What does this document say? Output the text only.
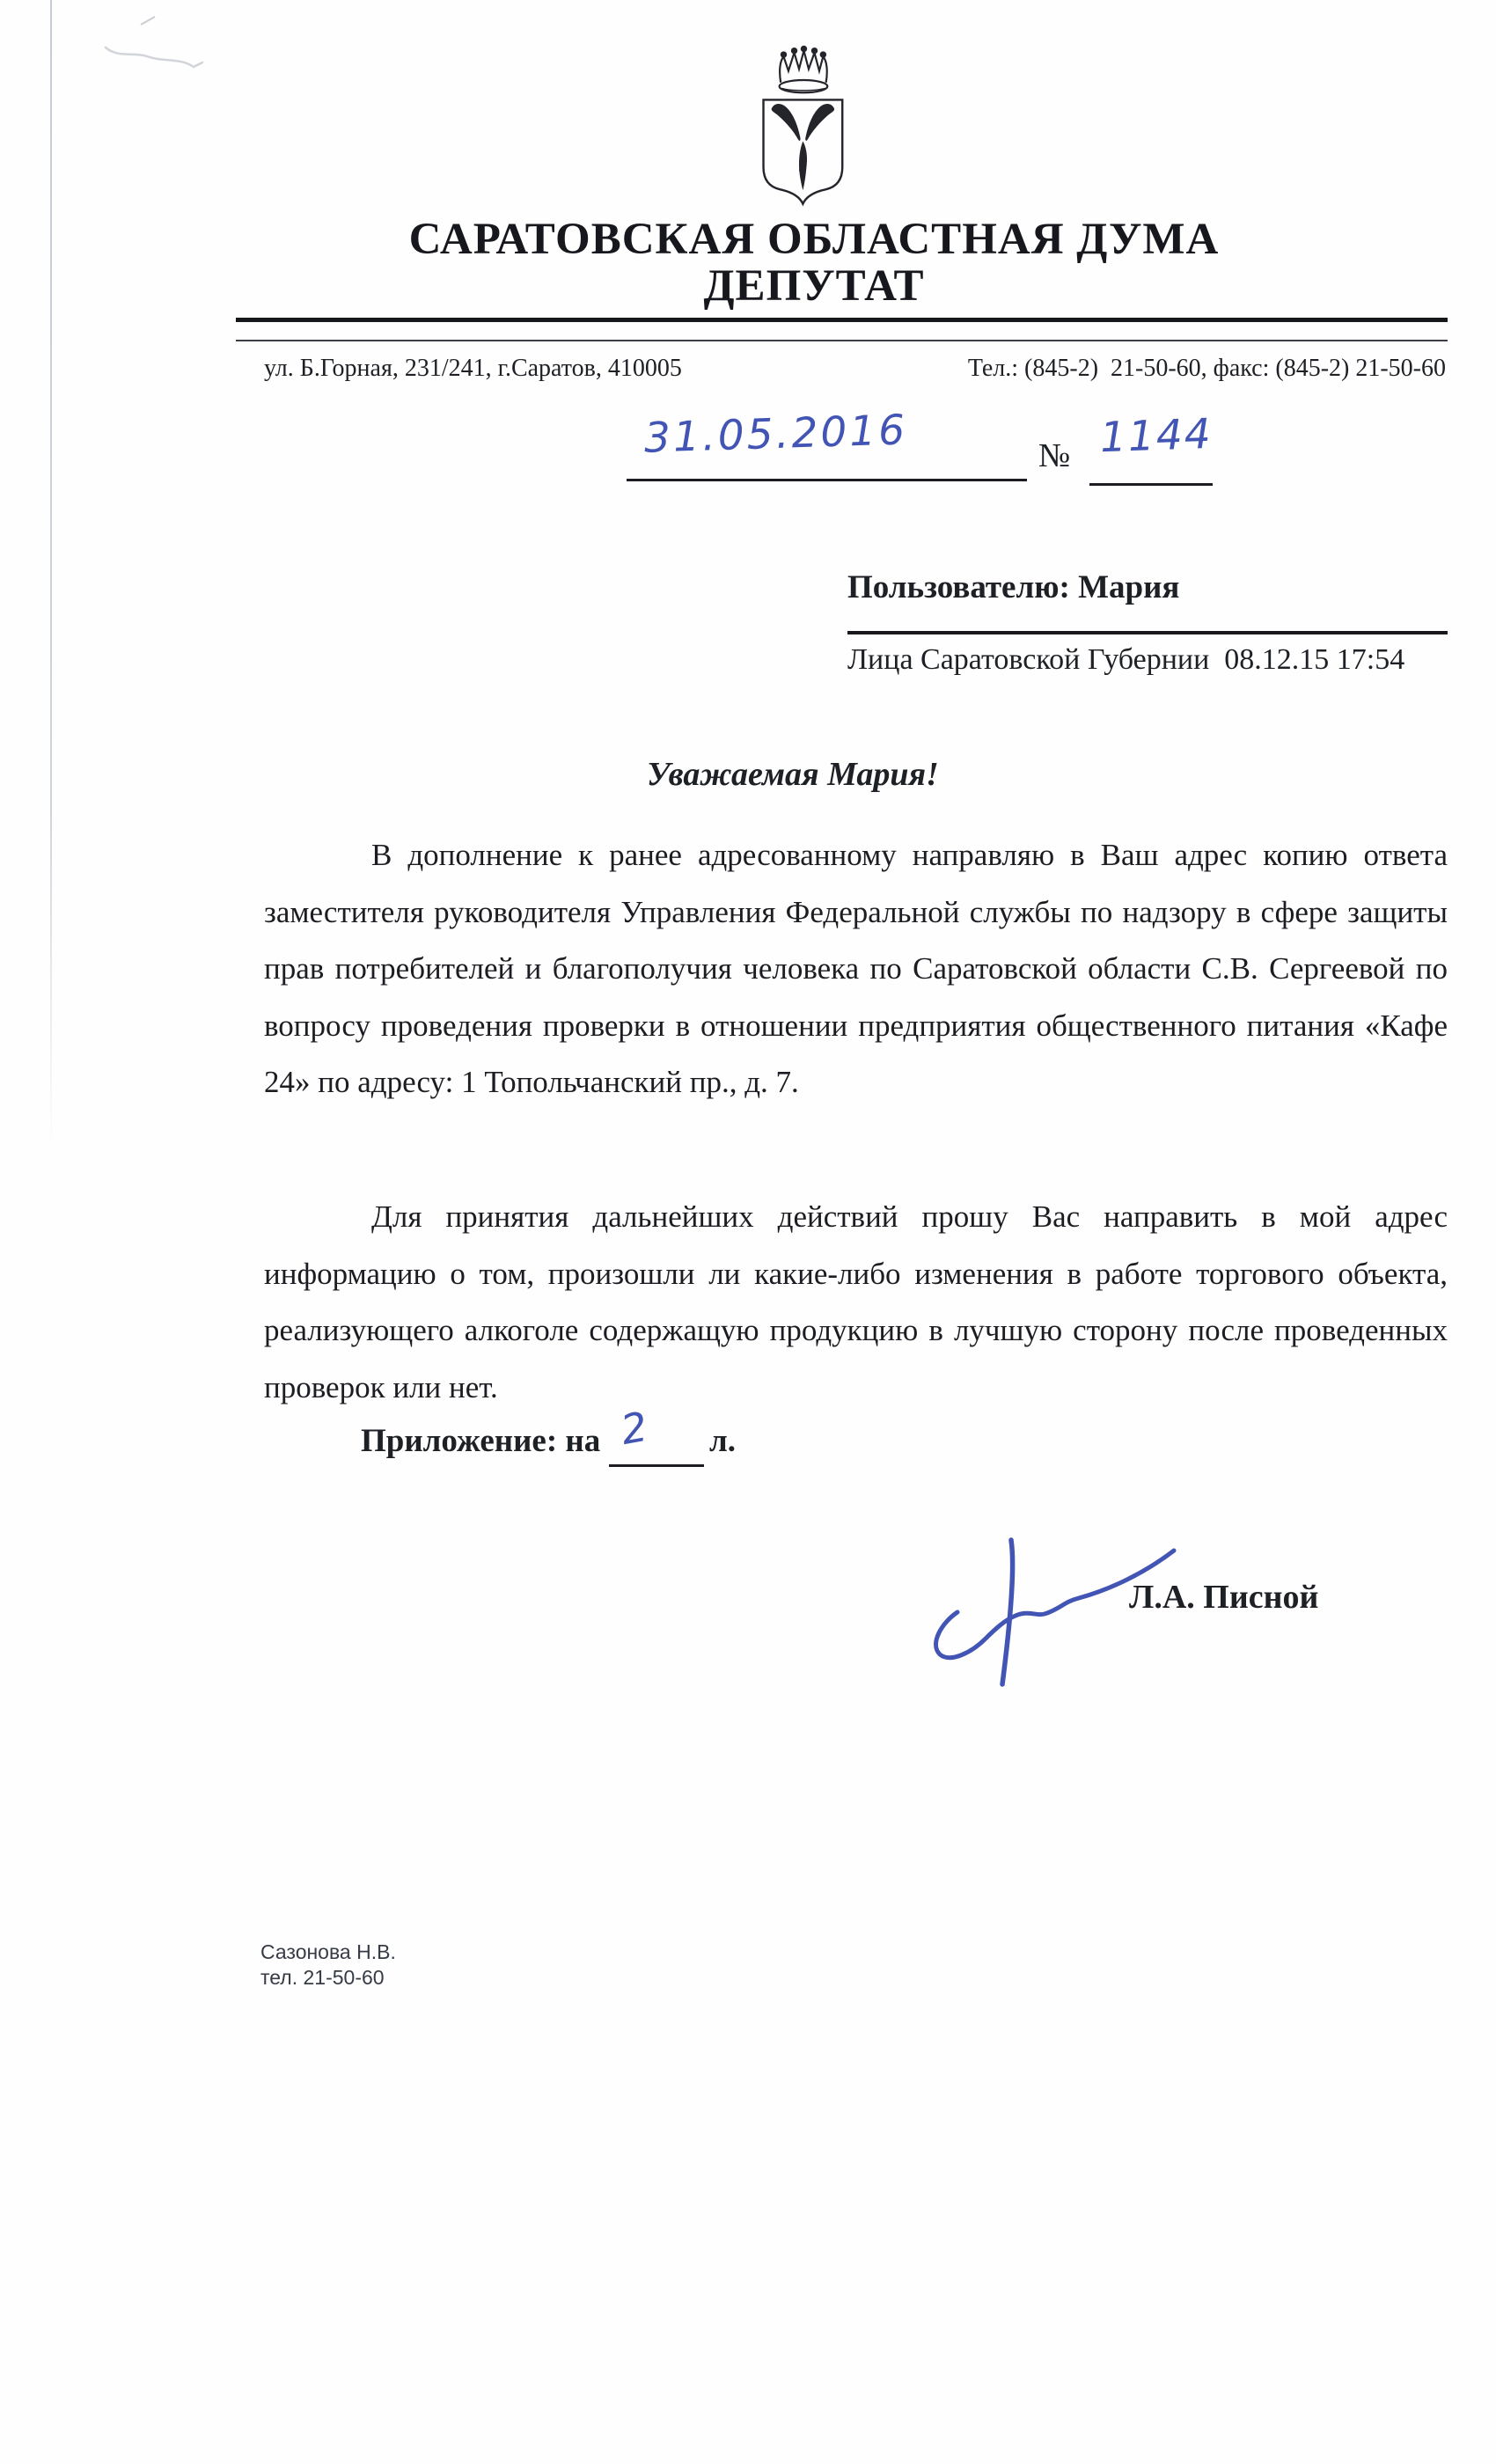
САРАТОВСКАЯ ОБЛАСТНАЯ ДУМА
ДЕПУТАТ
ул. Б.Горная, 231/241, г.Саратов, 410005	Тел.: (845-2)  21-50-60, факс: (845-2) 21-50-60
31.05.2016	№ 1144
Пользователю: Мария
Лица Саратовской Губернии  08.12.15 17:54
Уважаемая Мария!
В дополнение к ранее адресованному направляю в Ваш адрес копию ответа заместителя руководителя Управления Федеральной службы по надзору в сфере защиты прав потребителей и благополучия человека по Саратовской области С.В. Сергеевой по вопросу проведения проверки в отношении предприятия общественного питания «Кафе 24» по адресу: 1 Топольчанский пр., д. 7.
Для принятия дальнейших действий прошу Вас направить в мой адрес информацию о том, произошли ли какие-либо изменения в работе торгового объекта, реализующего алкоголе содержащую продукцию в лучшую сторону после проведенных проверок или нет.
Приложение: на 2 л.
Л.А. Писной
Сазонова Н.В.
тел. 21-50-60
